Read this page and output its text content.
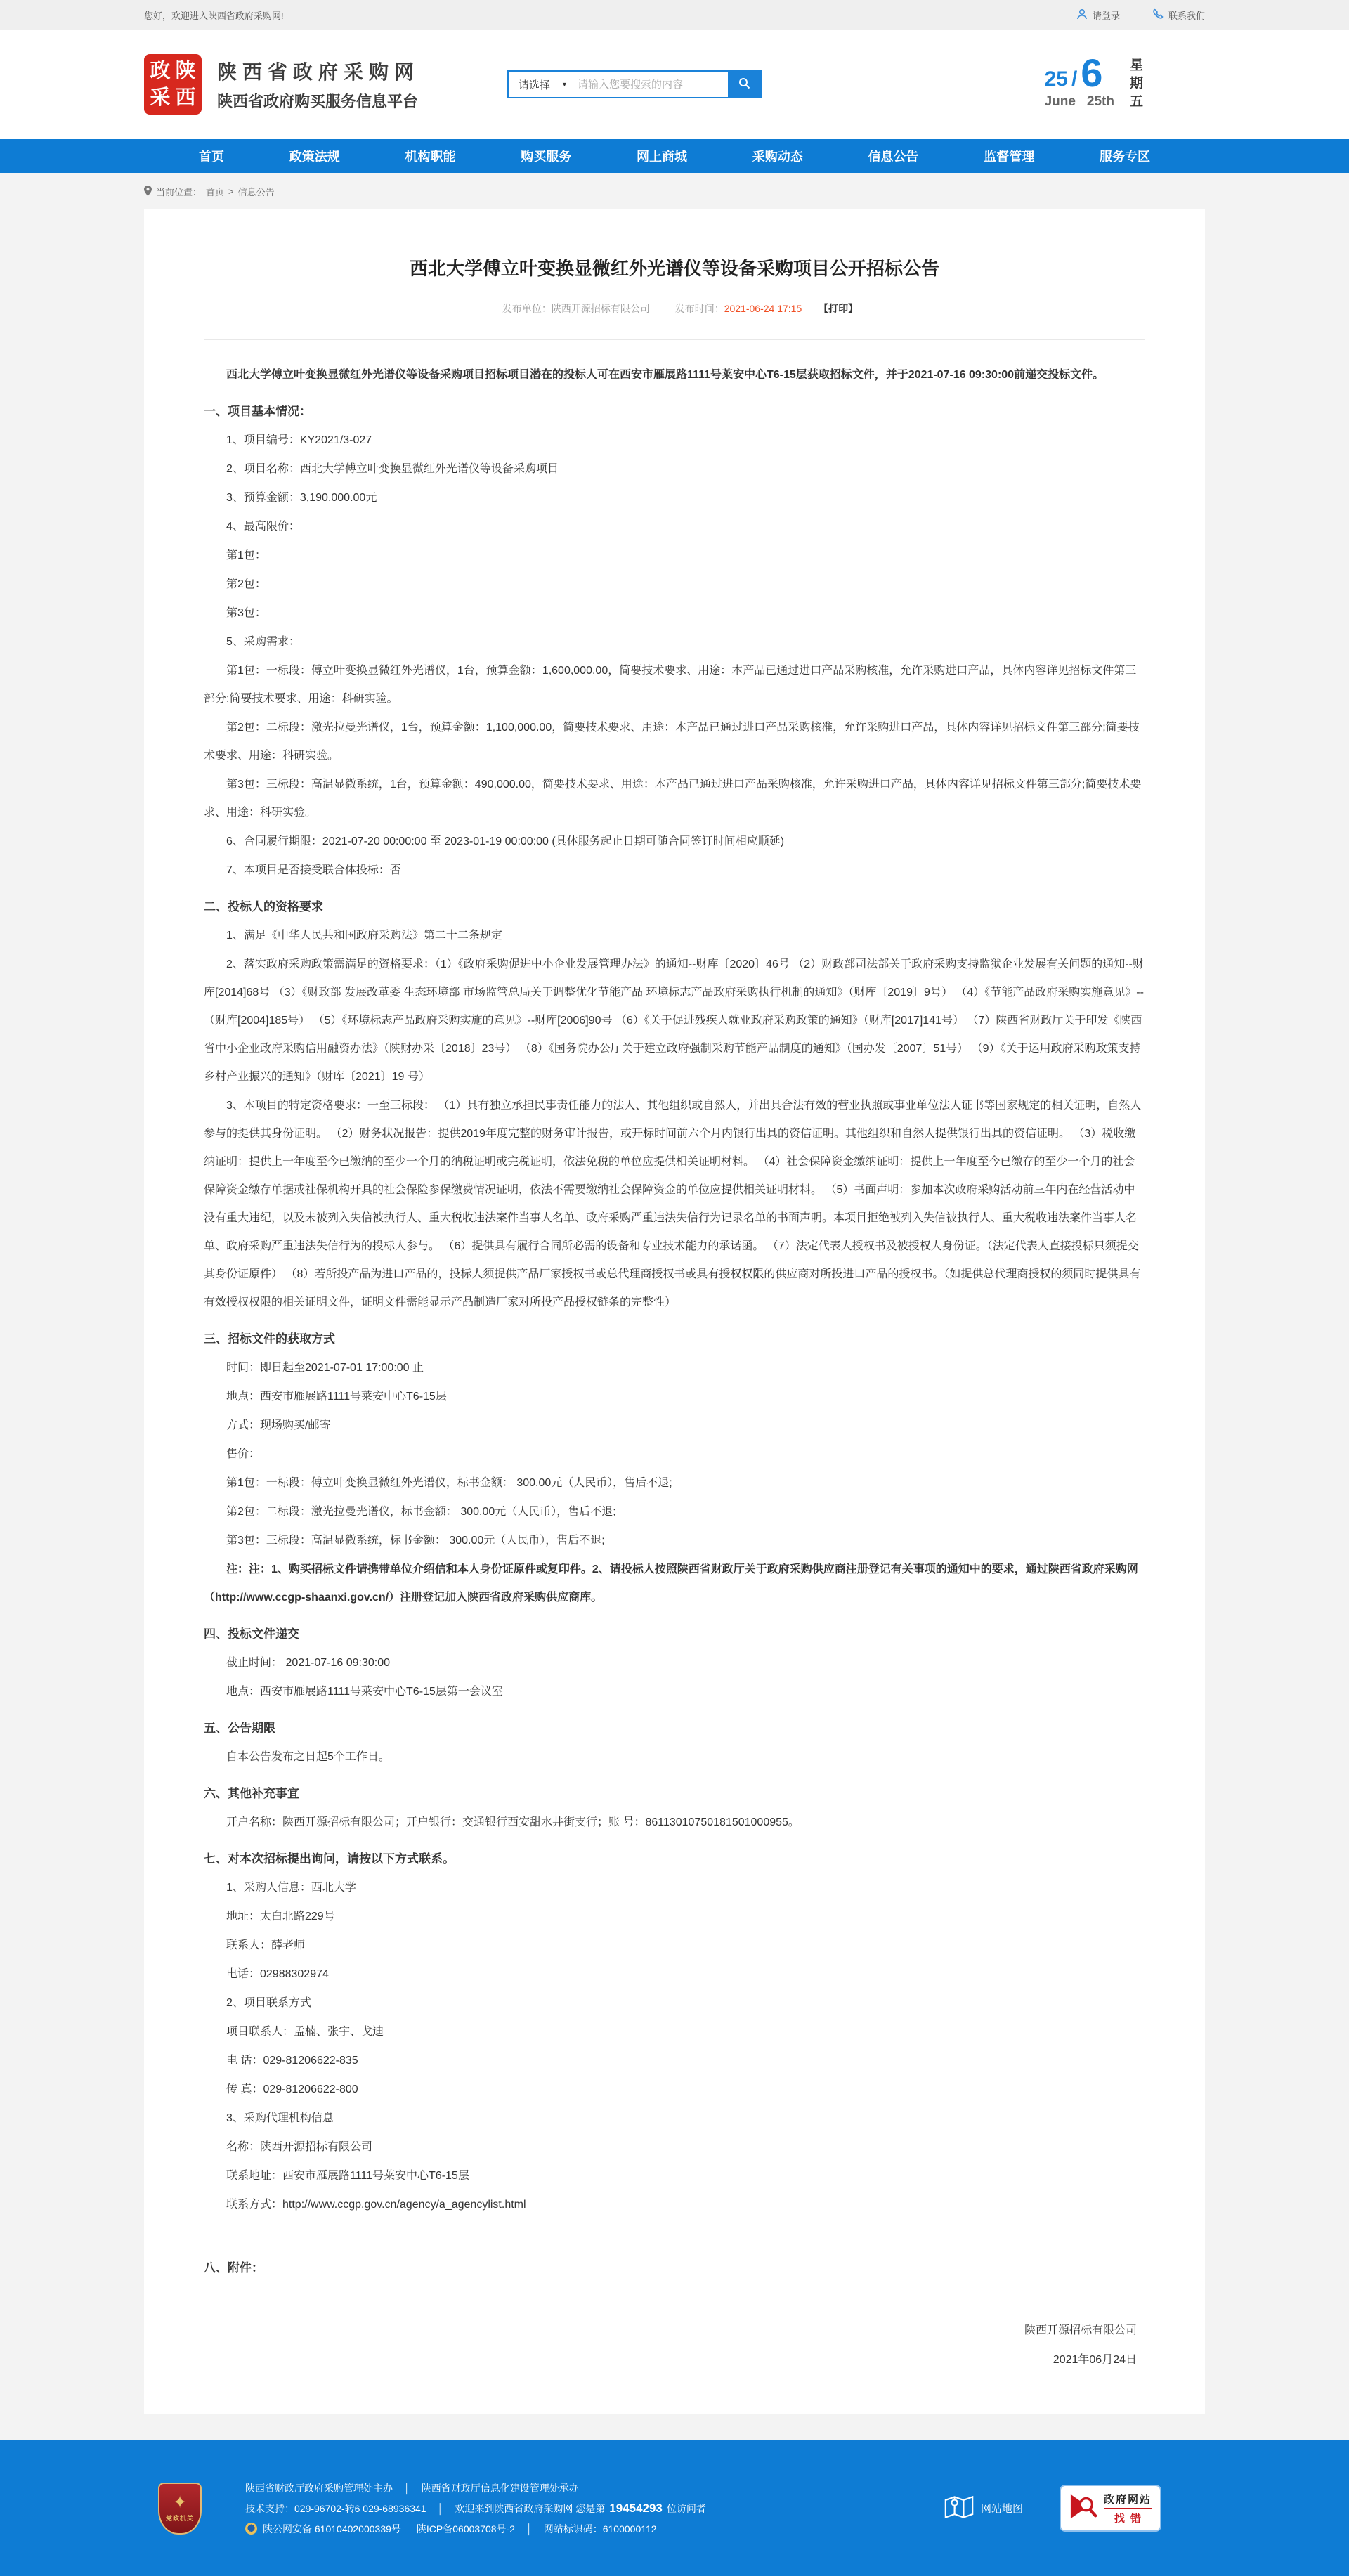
您好，欢迎进入陕西省政府采购网!	请登录	联系我们
政 陕
采 西
陕西省政府采购网
陕西省政府购买服务信息平台
请选择 ▼
请输入您要搜索的内容	25 / 6
June 25th 星期五
首页	政策法规	机构职能	购买服务	网上商城	采购动态	信息公告	监督管理	服务专区
当前位置： 首页 > 信息公告
西北大学傅立叶变换显微红外光谱仪等设备采购项目公开招标公告
发布单位：陕西开源招标有限公司	发布时间：2021-06-24 17:15 【打印】

西北大学傅立叶变换显微红外光谱仪等设备采购项目招标项目潜在的投标人可在西安市雁展路1111号莱安中心T6-15层获取招标文件，并于2021-07-16 09:30:00前递交投标文件。

一、项目基本情况：

1、项目编号：KY2021/3-027

2、项目名称：西北大学傅立叶变换显微红外光谱仪等设备采购项目

3、预算金额：3,190,000.00元

4、最高限价：

第1包：

第2包：

第3包：

5、采购需求：

第1包：一标段：傅立叶变换显微红外光谱仪，1台，预算金额：1,600,000.00，简要技术要求、用途：本产品已通过进口产品采购核准，允许采购进口产品，具体内容详见招标文件第三部分;简要技术要求、用途：科研实验。

第2包：二标段：激光拉曼光谱仪，1台，预算金额：1,100,000.00，简要技术要求、用途：本产品已通过进口产品采购核准，允许采购进口产品，具体内容详见招标文件第三部分;简要技术要求、用途：科研实验。

第3包：三标段：高温显微系统，1台，预算金额：490,000.00，简要技术要求、用途：本产品已通过进口产品采购核准，允许采购进口产品，具体内容详见招标文件第三部分;简要技术要求、用途：科研实验。

6、合同履行期限：2021-07-20 00:00:00 至 2023-01-19 00:00:00 (具体服务起止日期可随合同签订时间相应顺延)

7、本项目是否接受联合体投标：否

二、投标人的资格要求

1、满足《中华人民共和国政府采购法》第二十二条规定

2、落实政府采购政策需满足的资格要求：（1）《政府采购促进中小企业发展管理办法》的通知--财库〔2020〕46号 （2）财政部司法部关于政府采购支持监狱企业发展有关问题的通知--财库[2014]68号 （3）《财政部 发展改革委 生态环境部 市场监管总局关于调整优化节能产品 环境标志产品政府采购执行机制的通知》（财库〔2019〕9号） （4）《节能产品政府采购实施意见》--（财库[2004]185号） （5）《环境标志产品政府采购实施的意见》--财库[2006]90号 （6）《关于促进残疾人就业政府采购政策的通知》（财库[2017]141号） （7）陕西省财政厅关于印发《陕西省中小企业政府采购信用融资办法》（陕财办采〔2018〕23号） （8）《国务院办公厅关于建立政府强制采购节能产品制度的通知》（国办发〔2007〕51号） （9）《关于运用政府采购政策支持乡村产业振兴的通知》（财库〔2021〕19 号）

3、本项目的特定资格要求：一至三标段： （1）具有独立承担民事责任能力的法人、其他组织或自然人，并出具合法有效的营业执照或事业单位法人证书等国家规定的相关证明，自然人参与的提供其身份证明。 （2）财务状况报告：提供2019年度完整的财务审计报告，或开标时间前六个月内银行出具的资信证明。其他组织和自然人提供银行出具的资信证明。 （3）税收缴纳证明：提供上一年度至今已缴纳的至少一个月的纳税证明或完税证明，依法免税的单位应提供相关证明材料。 （4）社会保障资金缴纳证明：提供上一年度至今已缴存的至少一个月的社会保障资金缴存单据或社保机构开具的社会保险参保缴费情况证明，依法不需要缴纳社会保障资金的单位应提供相关证明材料。 （5）书面声明：参加本次政府采购活动前三年内在经营活动中没有重大违纪，以及未被列入失信被执行人、重大税收违法案件当事人名单、政府采购严重违法失信行为记录名单的书面声明。本项目拒绝被列入失信被执行人、重大税收违法案件当事人名单、政府采购严重违法失信行为的投标人参与。 （6）提供具有履行合同所必需的设备和专业技术能力的承诺函。 （7）法定代表人授权书及被授权人身份证。（法定代表人直接投标只须提交其身份证原件） （8）若所投产品为进口产品的，投标人须提供产品厂家授权书或总代理商授权书或具有授权权限的供应商对所投进口产品的授权书。（如提供总代理商授权的须同时提供具有有效授权权限的相关证明文件，证明文件需能显示产品制造厂家对所投产品授权链条的完整性）

三、招标文件的获取方式

时间：即日起至2021-07-01 17:00:00 止

地点：西安市雁展路1111号莱安中心T6-15层

方式：现场购买/邮寄

售价：

第1包：一标段：傅立叶变换显微红外光谱仪，标书金额： 300.00元（人民币），售后不退;

第2包：二标段：激光拉曼光谱仪，标书金额： 300.00元（人民币），售后不退;

第3包：三标段：高温显微系统，标书金额： 300.00元（人民币），售后不退;

注：注：1、购买招标文件请携带单位介绍信和本人身份证原件或复印件。2、请投标人按照陕西省财政厅关于政府采购供应商注册登记有关事项的通知中的要求，通过陕西省政府采购网（http://www.ccgp-shaanxi.gov.cn/）注册登记加入陕西省政府采购供应商库。

四、投标文件递交

截止时间： 2021-07-16 09:30:00

地点：西安市雁展路1111号莱安中心T6-15层第一会议室

五、公告期限

自本公告发布之日起5个工作日。

六、其他补充事宜

开户名称：陕西开源招标有限公司；开户银行：交通银行西安甜水井街支行；账 号：86113010750181501000955。

七、对本次招标提出询问，请按以下方式联系。

1、采购人信息：西北大学

地址：太白北路229号

联系人：薛老师

电话：02988302974

2、项目联系方式

项目联系人：孟楠、张宇、戈迪

电 话：029-81206622-835

传 真：029-81206622-800

3、采购代理机构信息

名称：陕西开源招标有限公司

联系地址：西安市雁展路1111号莱安中心T6-15层

联系方式：http://www.ccgp.gov.cn/agency/a_agencylist.html

八、附件：

陕西开源招标有限公司

2021年06月24日

✦
党政机关

陕西省财政厅政府采购管理处主办 │ 陕西省财政厅信息化建设管理处承办

技术支持： 029-96702-转6 029-68936341 │ 欢迎来到陕西省政府采购网 您是第 19454293 位访问者

陕公网安备 61010402000339号 陕ICP备06003708号-2 │ 网站标识码：6100000112

网站地图
政府网站
找错
